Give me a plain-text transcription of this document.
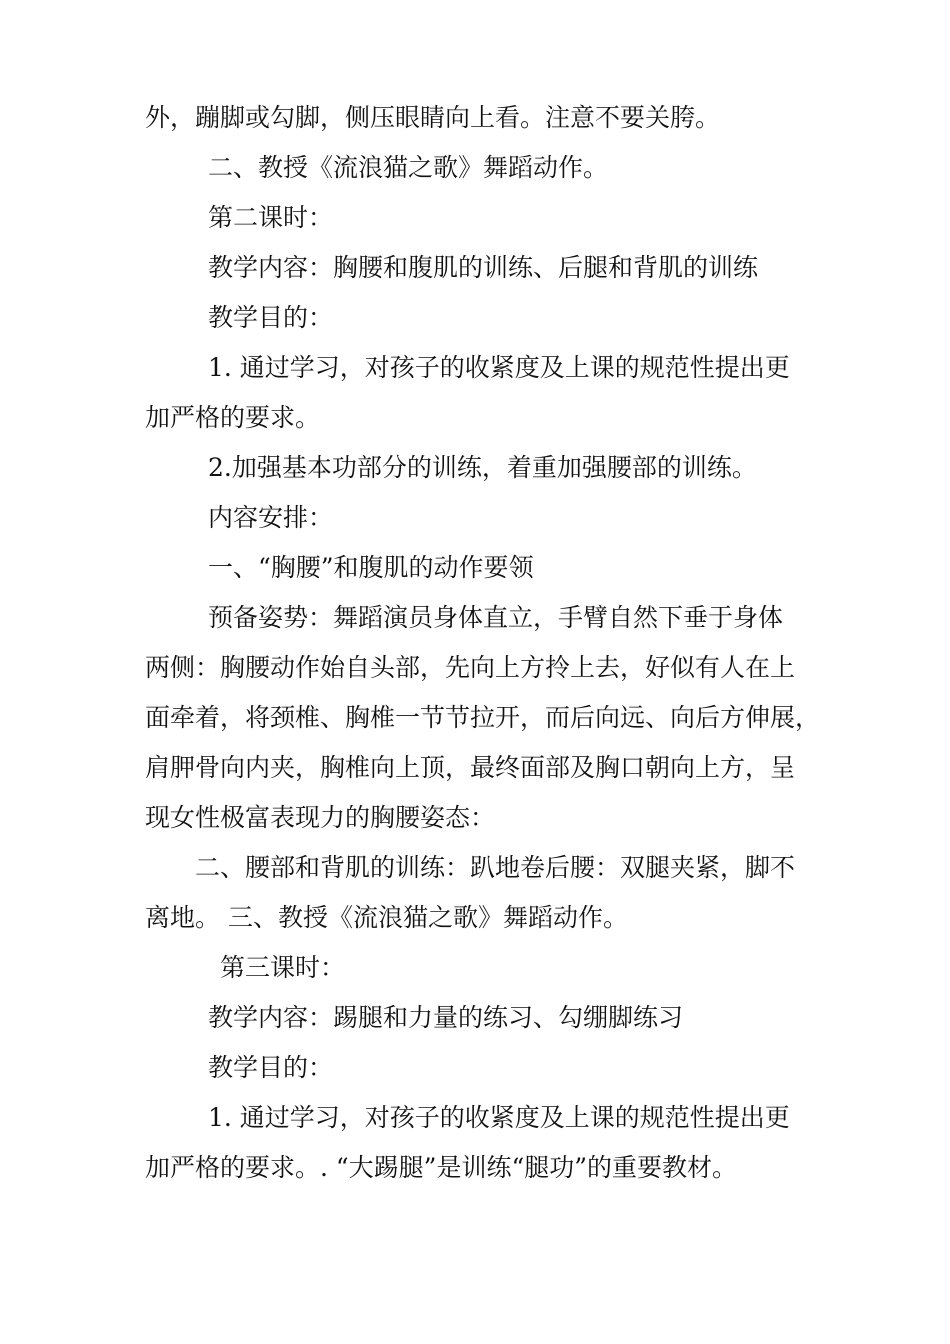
外，蹦脚或勾脚，侧压眼睛向上看。注意不要关胯。
二、教授《流浪猫之歌》舞蹈动作。
第二课时：
教学内容：胸腰和腹肌的训练、后腿和背肌的训练
教学目的：
1. 通过学习，对孩子的收紧度及上课的规范性提出更
加严格的要求。
2.加强基本功部分的训练，着重加强腰部的训练。
内容安排：
一、“胸腰”和腹肌的动作要领
预备姿势：舞蹈演员身体直立，手臂自然下垂于身体
两侧：胸腰动作始自头部，先向上方拎上去，好似有人在上
面牵着，将颈椎、胸椎一节节拉开，而后向远、向后方伸展，
肩胛骨向内夹，胸椎向上顶，最终面部及胸口朝向上方，呈
现女性极富表现力的胸腰姿态：
二、腰部和背肌的训练：趴地卷后腰：双腿夹紧，脚不
离地。 三、教授《流浪猫之歌》舞蹈动作。
第三课时：
教学内容：踢腿和力量的练习、勾绷脚练习
教学目的：
1. 通过学习，对孩子的收紧度及上课的规范性提出更
加严格的要求。. “大踢腿”是训练“腿功”的重要教材。
